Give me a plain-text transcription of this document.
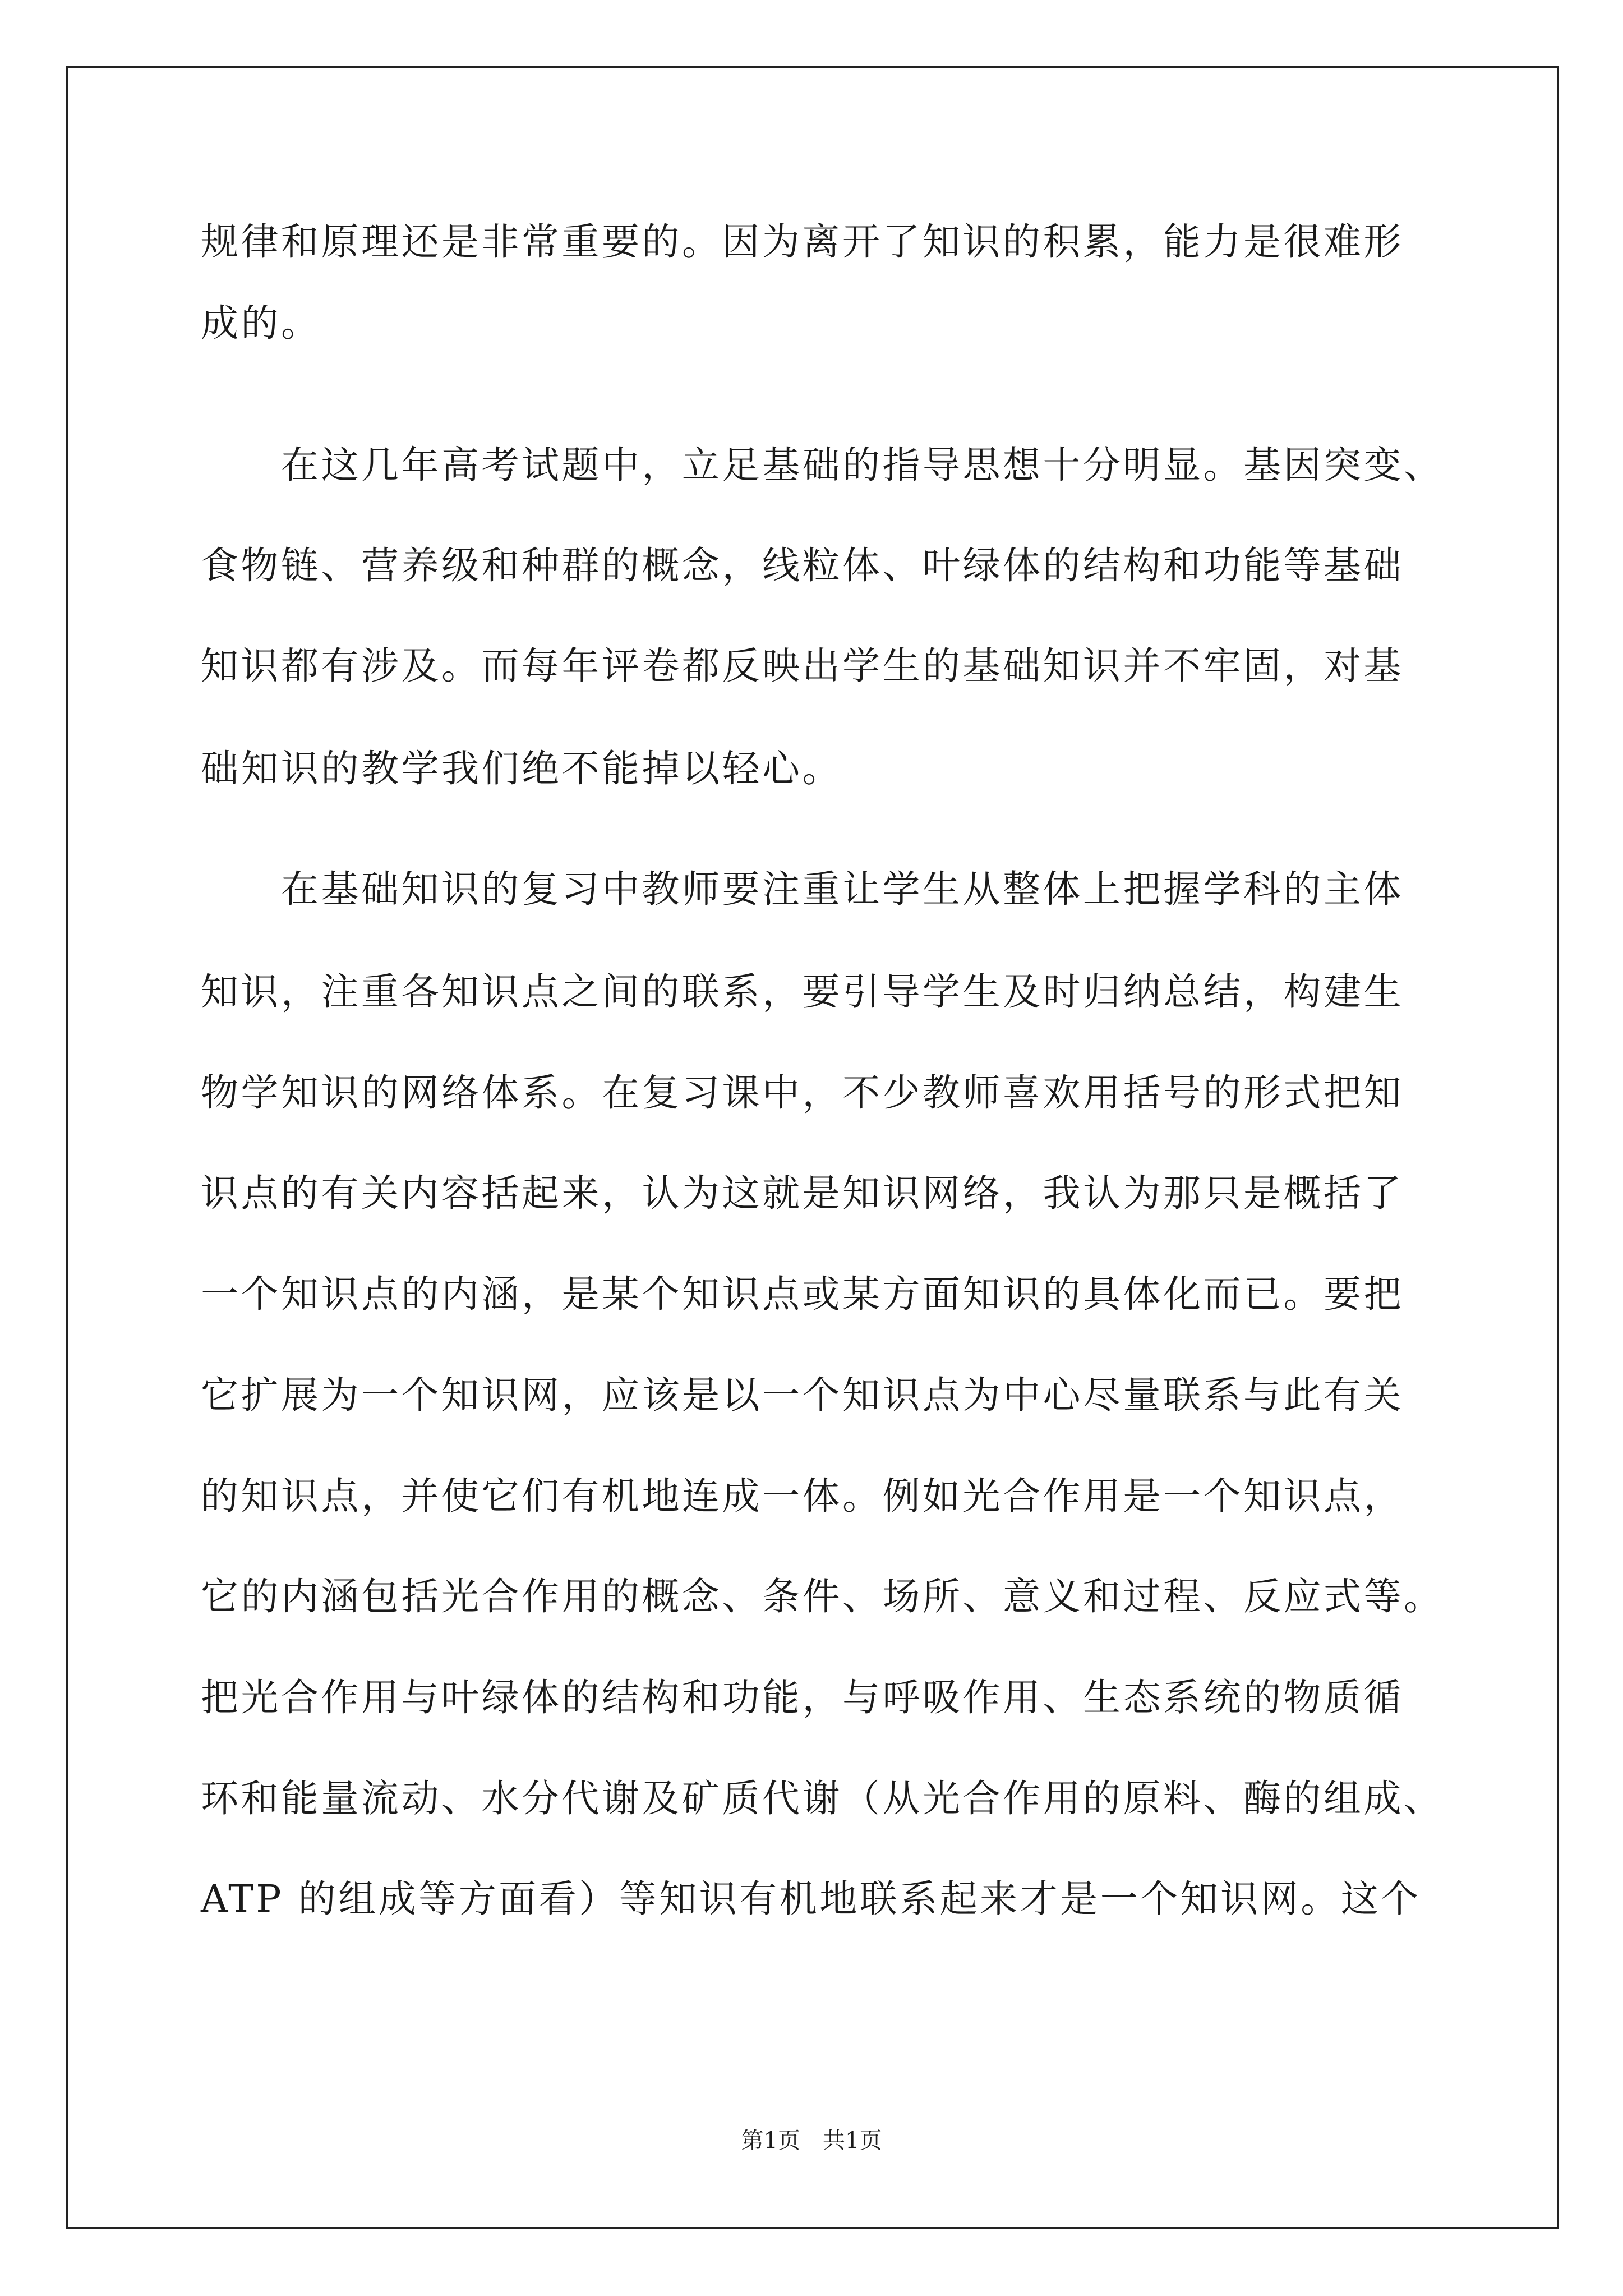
规律和原理还是非常重要的。因为离开了知识的积累，能力是很难形
成的。
　　在这几年高考试题中，立足基础的指导思想十分明显。基因突变、
食物链、营养级和种群的概念，线粒体、叶绿体的结构和功能等基础
知识都有涉及。而每年评卷都反映出学生的基础知识并不牢固，对基
础知识的教学我们绝不能掉以轻心。
　　在基础知识的复习中教师要注重让学生从整体上把握学科的主体
知识，注重各知识点之间的联系，要引导学生及时归纳总结，构建生
物学知识的网络体系。在复习课中，不少教师喜欢用括号的形式把知
识点的有关内容括起来，认为这就是知识网络，我认为那只是概括了
一个知识点的内涵，是某个知识点或某方面知识的具体化而已。要把
它扩展为一个知识网，应该是以一个知识点为中心尽量联系与此有关
的知识点，并使它们有机地连成一体。例如光合作用是一个知识点，
它的内涵包括光合作用的概念、条件、场所、意义和过程、反应式等。
把光合作用与叶绿体的结构和功能，与呼吸作用、生态系统的物质循
环和能量流动、水分代谢及矿质代谢（从光合作用的原料、酶的组成、
ATP 的组成等方面看）等知识有机地联系起来才是一个知识网。这个
第1页　共1页
